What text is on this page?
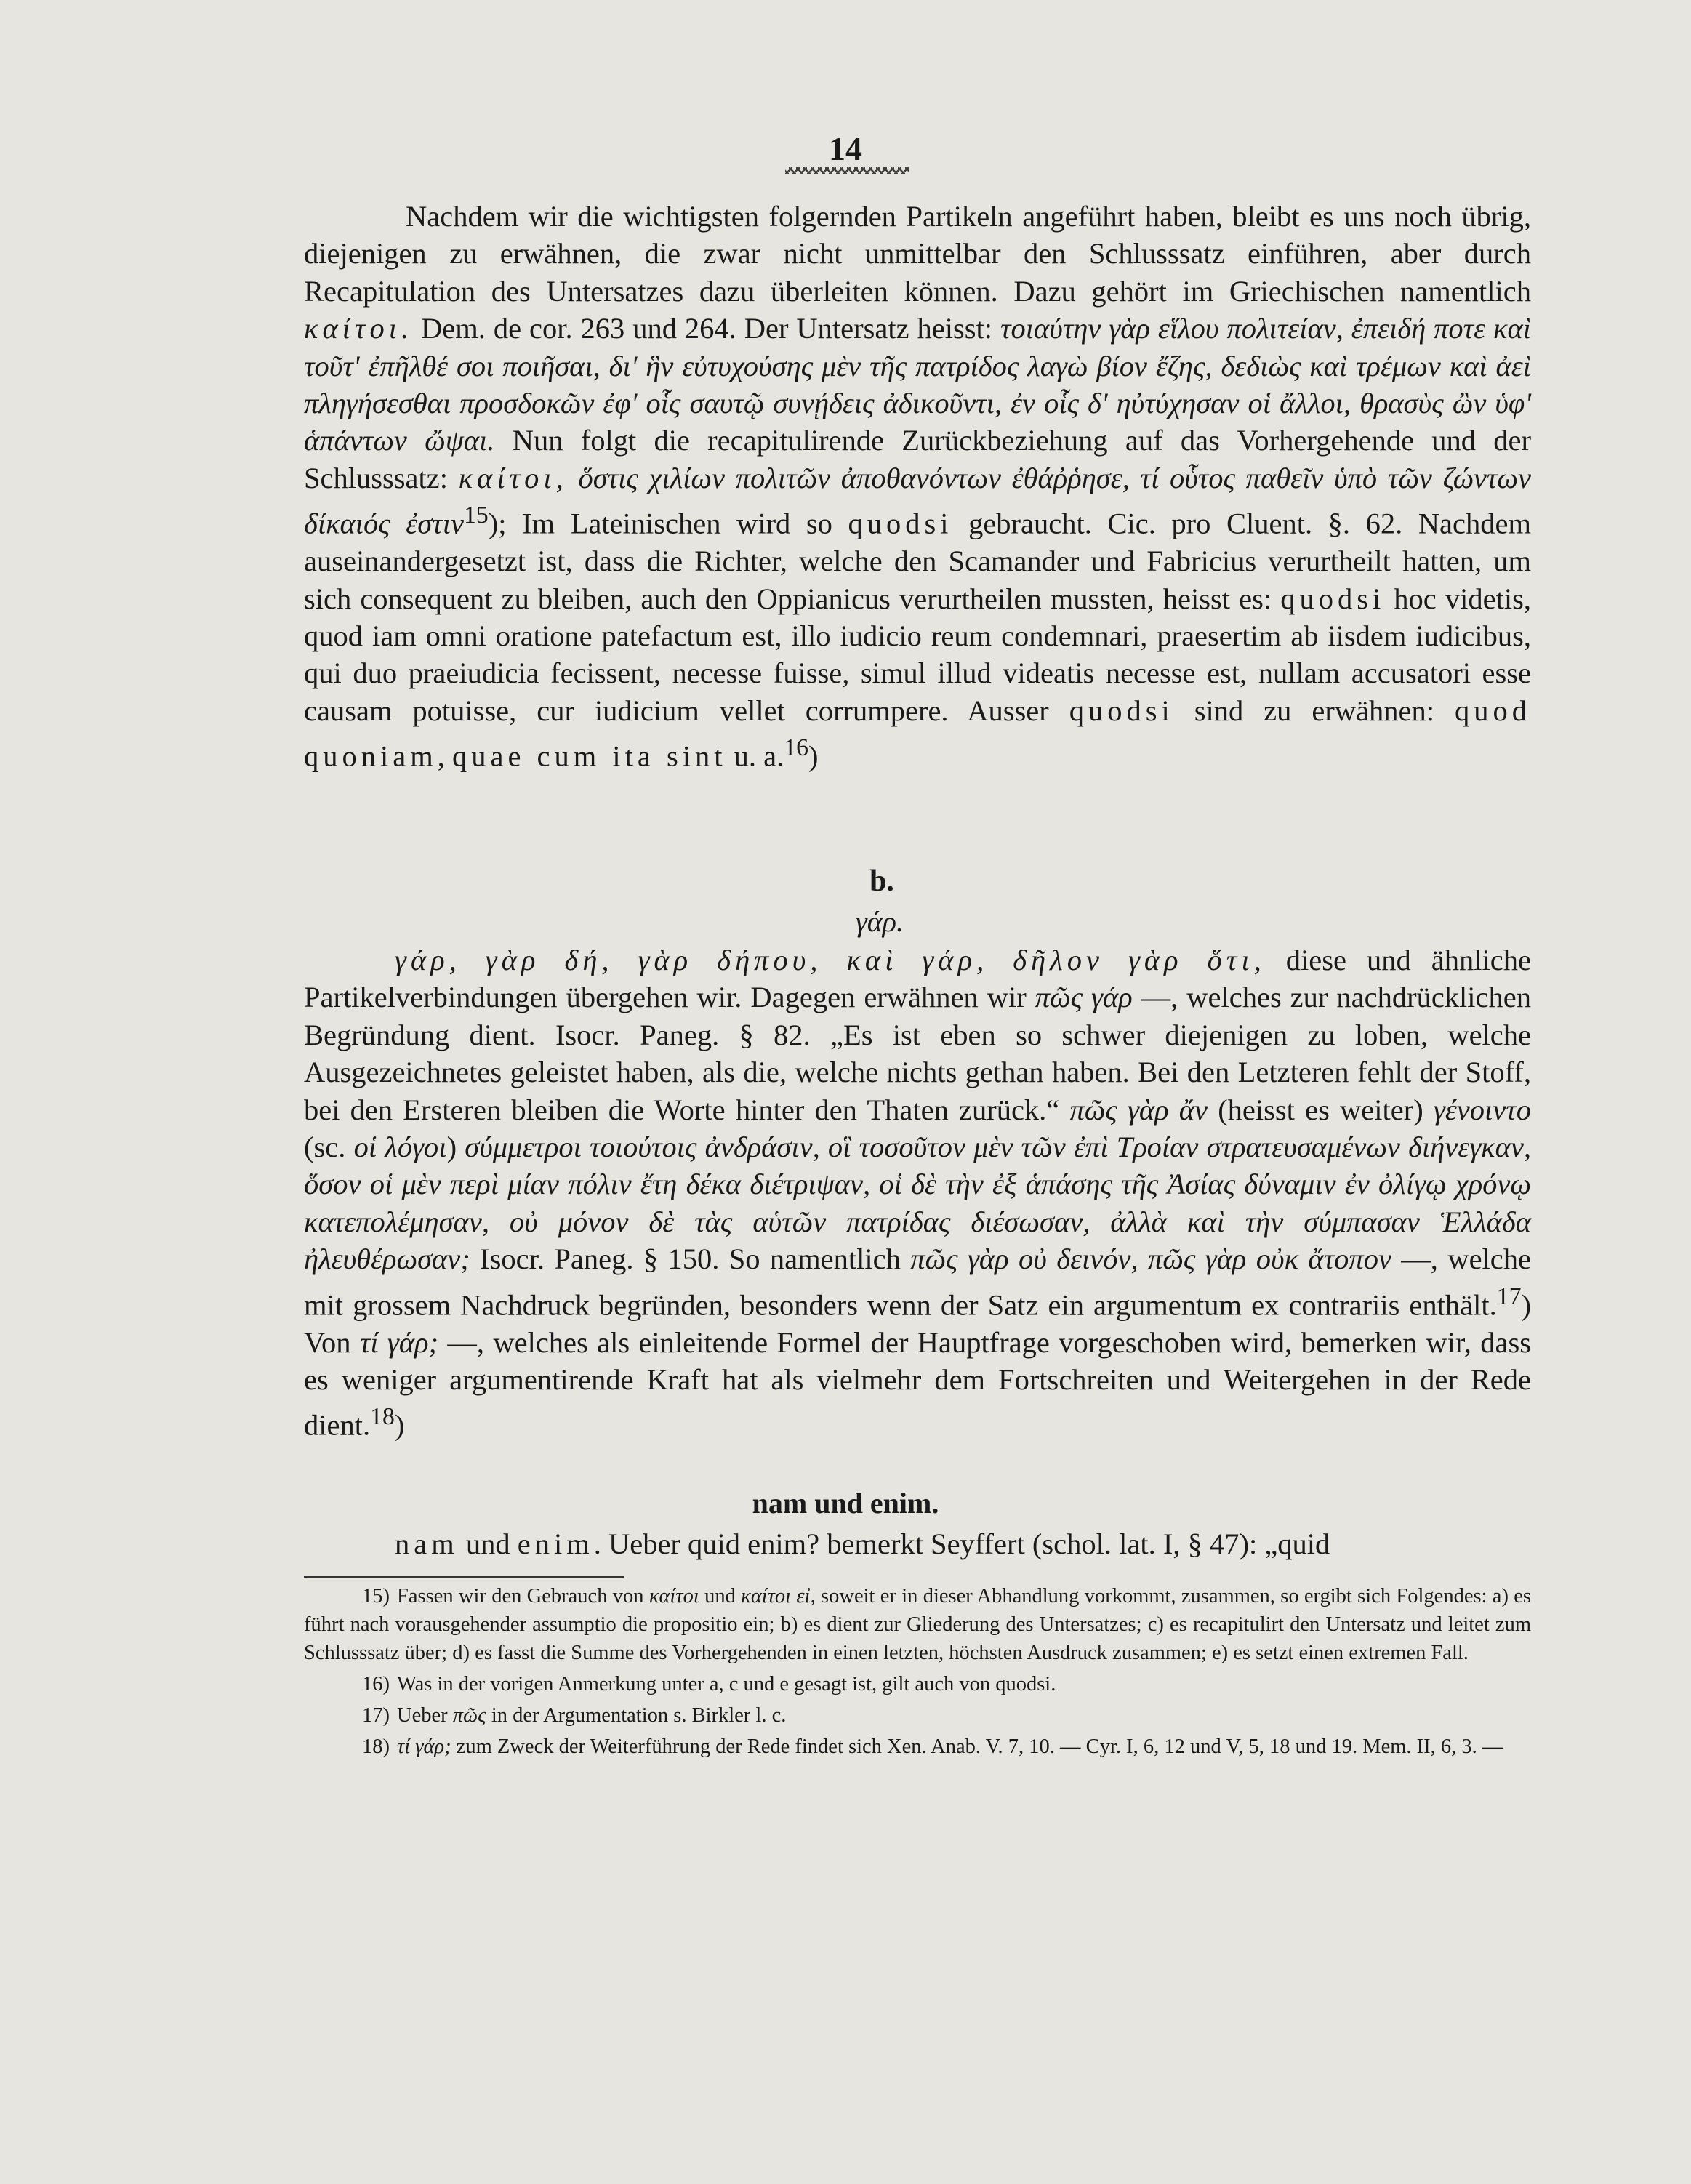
14

Nachdem wir die wichtigsten folgernden Partikeln angeführt haben, bleibt es uns noch übrig, diejenigen zu erwähnen, die zwar nicht unmittelbar den Schlusssatz einführen, aber durch Recapitulation des Untersatzes dazu überleiten können. Dazu gehört im Griechischen namentlich καίτοι. Dem. de cor. 263 und 264. Der Untersatz heisst: τοιαύτην γὰρ εἵλου πολιτείαν, ἐπειδή ποτε καὶ τοῦτ' ἐπῆλθέ σοι ποιῆσαι, δι' ἣν εὐτυχούσης μὲν τῆς πατρίδος λαγὼ βίον ἔζης, δεδιὼς καὶ τρέμων καὶ ἀεὶ πληγήσεσθαι προσδοκῶν ἐφ' οἷς σαυτῷ συνῄδεις ἀδικοῦντι, ἐν οἷς δ' ηὐτύχησαν οἱ ἄλλοι, θρασὺς ὢν ὑφ' ἁπάντων ὤψαι. Nun folgt die recapitulirende Zurückbeziehung auf das Vorhergehende und der Schlusssatz: καίτοι, ὅστις χιλίων πολιτῶν ἀποθανόντων ἐθάῤῥησε, τί οὗτος παθεῖν ὑπὸ τῶν ζώντων δίκαιός ἐστιν$^{15}$); Im Lateinischen wird so quodsi gebraucht. Cic. pro Cluent. §. 62. Nachdem auseinandergesetzt ist, dass die Richter, welche den Scamander und Fabricius verurtheilt hatten, um sich consequent zu bleiben, auch den Oppianicus verurtheilen mussten, heisst es: quodsi hoc videtis, quod iam omni oratione patefactum est, illo iudicio reum condemnari, praesertim ab iisdem iudicibus, qui duo praeiudicia fecissent, necesse fuisse, simul illud videatis necesse est, nullam accusatori esse causam potuisse, cur iudicium vellet corrumpere. Ausser quodsi sind zu erwähnen: quod quoniam, quae cum ita sint u. a.$^{16}$)

b.
γάρ.

γάρ, γὰρ δή, γὰρ δήπου, καὶ γάρ, δῆλον γὰρ ὅτι, diese und ähnliche Partikelverbindungen übergehen wir. Dagegen erwähnen wir πῶς γάρ —, welches zur nachdrücklichen Begründung dient. Isocr. Paneg. § 82. „Es ist eben so schwer diejenigen zu loben, welche Ausgezeichnetes geleistet haben, als die, welche nichts gethan haben. Bei den Letzteren fehlt der Stoff, bei den Ersteren bleiben die Worte hinter den Thaten zurück.“ πῶς γὰρ ἄν (heisst es weiter) γένοιντο (sc. οἱ λόγοι) σύμμετροι τοιούτοις ἀνδράσιν, οἳ τοσοῦτον μὲν τῶν ἐπὶ Τροίαν στρατευσαμένων διήνεγκαν, ὅσον οἱ μὲν περὶ μίαν πόλιν ἔτη δέκα διέτριψαν, οἱ δὲ τὴν ἐξ ἁπάσης τῆς Ἀσίας δύναμιν ἐν ὀλίγῳ χρόνῳ κατεπολέμησαν, οὐ μόνον δὲ τὰς αὑτῶν πατρίδας διέσωσαν, ἀλλὰ καὶ τὴν σύμπασαν Ἑλλάδα ἠλευθέρωσαν; Isocr. Paneg. § 150. So namentlich πῶς γὰρ οὐ δεινόν, πῶς γὰρ οὐκ ἄτοπον —, welche mit grossem Nachdruck begründen, besonders wenn der Satz ein argumentum ex contrariis enthält.$^{17}$) Von τί γάρ; —, welches als einleitende Formel der Hauptfrage vorgeschoben wird, bemerken wir, dass es weniger argumentirende Kraft hat als vielmehr dem Fortschreiten und Weitergehen in der Rede dient.$^{18}$)

nam und enim.
nam und enim. Ueber quid enim? bemerkt Seyffert (schol. lat. I, § 47): „quid

15) Fassen wir den Gebrauch von καίτοι und καίτοι εἰ, soweit er in dieser Abhandlung vorkommt, zusammen, so ergibt sich Folgendes: a) es führt nach vorausgehender assumptio die propositio ein; b) es dient zur Gliederung des Untersatzes; c) es recapitulirt den Untersatz und leitet zum Schlusssatz über; d) es fasst die Summe des Vorhergehenden in einen letzten, höchsten Ausdruck zusammen; e) es setzt einen extremen Fall.

16) Was in der vorigen Anmerkung unter a, c und e gesagt ist, gilt auch von quodsi.

17) Ueber πῶς in der Argumentation s. Birkler l. c.

18) τί γάρ; zum Zweck der Weiterführung der Rede findet sich Xen. Anab. V. 7, 10. — Cyr. I, 6, 12 und V, 5, 18 und 19. Mem. II, 6, 3. —
